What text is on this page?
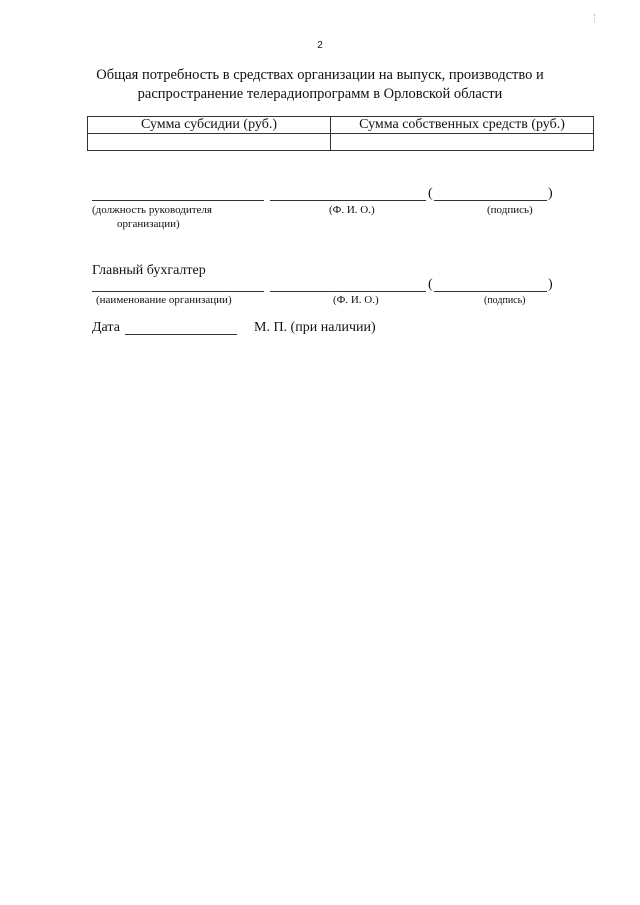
2
Общая потребность в средствах организации на выпуск, производство и
распространение телерадиопрограмм в Орловской области
Сумма субсидии (руб.)	Сумма собственных средств (руб.)

(	)
(должность руководителя
организации)
(Ф. И. О.)	(подпись)
Главный бухгалтер
(	)
(наименование организации)	(Ф. И. О.)	(подпись)
Дата	М. П. (при наличии)
